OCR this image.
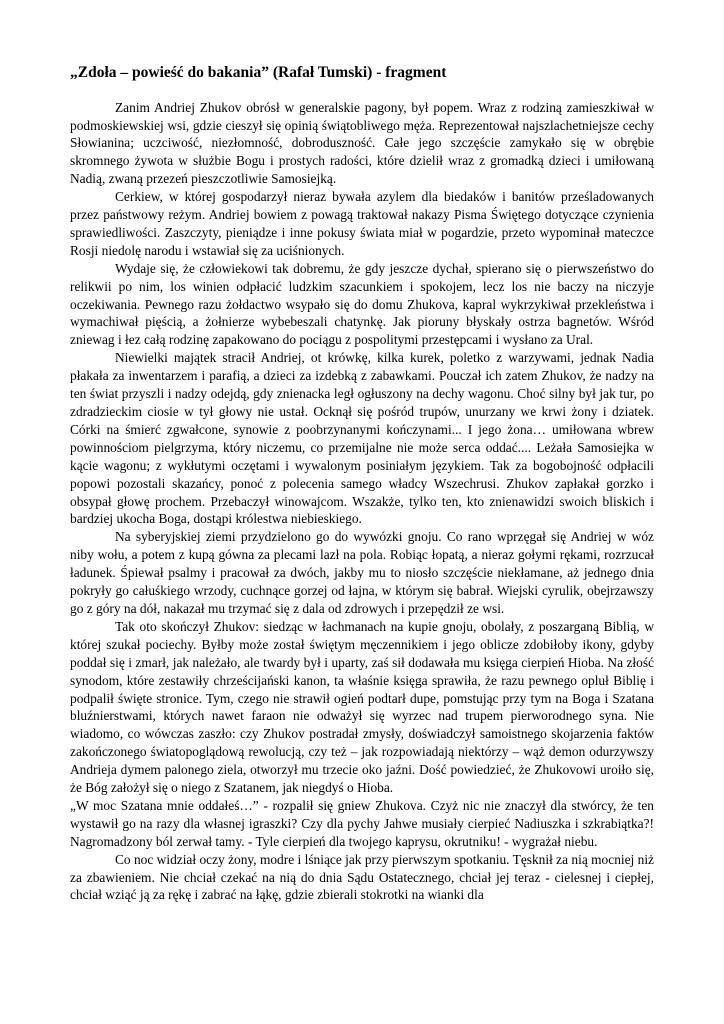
„Zdoła – powieść do bakania” (Rafał Tumski) - fragment

Zanim Andriej Zhukov obrósł w generalskie pagony, był popem. Wraz z rodziną zamieszkiwał w podmoskiewskiej wsi, gdzie cieszył się opinią świątobliwego męża. Reprezentował najszlachetniejsze cechy Słowianina; uczciwość, niezłomność, dobroduszność. Całe jego szczęście zamykało się w obrębie skromnego żywota w służbie Bogu i prostych radości, które dzielił wraz z gromadką dzieci i umiłowaną Nadią, zwaną przezeń pieszczotliwie Samosiejką.

Cerkiew, w której gospodarzył nieraz bywała azylem dla biedaków i banitów prześladowanych przez państwowy reżym. Andriej bowiem z powagą traktował nakazy Pisma Świętego dotyczące czynienia sprawiedliwości. Zaszczyty, pieniądze i inne pokusy świata miał w pogardzie, przeto wypominał mateczce Rosji niedolę narodu i wstawiał się za uciśnionych.

Wydaje się, że człowiekowi tak dobremu, że gdy jeszcze dychał, spierano się o pierwszeństwo do relikwii po nim, los winien odpłacić ludzkim szacunkiem i spokojem, lecz los nie baczy na niczyje oczekiwania. Pewnego razu żołdactwo wsypało się do domu Zhukova, kapral wykrzykiwał przekleństwa i wymachiwał pięścią, a żołnierze wybebeszali chatynkę. Jak pioruny błyskały ostrza bagnetów. Wśród zniewag i łez całą rodzinę zapakowano do pociągu z pospolitymi przestępcami i wysłano za Ural.

Niewielki majątek stracił Andriej, ot krówkę, kilka kurek, poletko z warzywami, jednak Nadia płakała za inwentarzem i parafią, a dzieci za izdebką z zabawkami. Pouczał ich zatem Zhukov, że nadzy na ten świat przyszli i nadzy odejdą, gdy znienacka legł ogłuszony na dechy wagonu. Choć silny był jak tur, po zdradzieckim ciosie w tył głowy nie ustał. Ocknął się pośród trupów, unurzany we krwi żony i dziatek. Córki na śmierć zgwałcone, synowie z poobrzynanymi kończynami... I jego żona… umiłowana wbrew powinnościom pielgrzyma, który niczemu, co przemijalne nie może serca oddać.... Leżała Samosiejka w kącie wagonu; z wykłutymi oczętami i wywalonym posiniałym językiem. Tak za bogobojność odpłacili popowi pozostali skazańcy, ponoć z polecenia samego władcy Wszechrusi. Zhukov zapłakał gorzko i obsypał głowę prochem. Przebaczył winowajcom. Wszakże, tylko ten, kto znienawidzi swoich bliskich i bardziej ukocha Boga, dostąpi królestwa niebieskiego.

Na syberyjskiej ziemi przydzielono go do wywózki gnoju. Co rano wprzęgał się Andriej w wóz niby wołu, a potem z kupą gówna za plecami lazł na pola. Robiąc łopatą, a nieraz gołymi rękami, rozrzucał ładunek. Śpiewał psalmy i pracował za dwóch, jakby mu to niosło szczęście niekłamane, aż jednego dnia pokryły go całuśkiego wrzody, cuchnące gorzej od łajna, w którym się babrał. Wiejski cyrulik, obejrzawszy go z góry na dół, nakazał mu trzymać się z dala od zdrowych i przepędził ze wsi.

Tak oto skończył Zhukov: siedząc w łachmanach na kupie gnoju, obolały, z poszarganą Biblią, w której szukał pociechy. Byłby może został świętym męczennikiem i jego oblicze zdobiłoby ikony, gdyby poddał się i zmarł, jak należało, ale twardy był i uparty, zaś sił dodawała mu księga cierpień Hioba. Na złość synodom, które zestawiły chrześcijański kanon, ta właśnie księga sprawiła, że razu pewnego opluł Biblię i podpalił święte stronice. Tym, czego nie strawił ogień podtarł dupe, pomstując przy tym na Boga i Szatana bluźnierstwami, których nawet faraon nie odważył się wyrzec nad trupem pierworodnego syna. Nie wiadomo, co wówczas zaszło: czy Zhukov postradał zmysły, doświadczył samoistnego skojarzenia faktów zakończonego światopoglądową rewolucją, czy też – jak rozpowiadają niektórzy – wąż demon odurzywszy Andrieja dymem palonego ziela, otworzył mu trzecie oko jaźni. Dość powiedzieć, że Zhukovowi uroiło się, że Bóg założył się o niego z Szatanem, jak niegdyś o Hioba.

„W moc Szatana mnie oddałeś…” - rozpalił się gniew Zhukova. Czyż nic nie znaczył dla stwórcy, że ten wystawił go na razy dla własnej igraszki? Czy dla pychy Jahwe musiały cierpieć Nadiuszka i szkrabiątka?! Nagromadzony ból zerwał tamy. - Tyle cierpień dla twojego kaprysu, okrutniku! - wygrażał niebu.

Co noc widział oczy żony, modre i lśniące jak przy pierwszym spotkaniu. Tęsknił za nią mocniej niż za zbawieniem. Nie chciał czekać na nią do dnia Sądu Ostatecznego, chciał jej teraz - cielesnej i ciepłej, chciał wziąć ją za rękę i zabrać na łąkę, gdzie zbierali stokrotki na wianki dla
